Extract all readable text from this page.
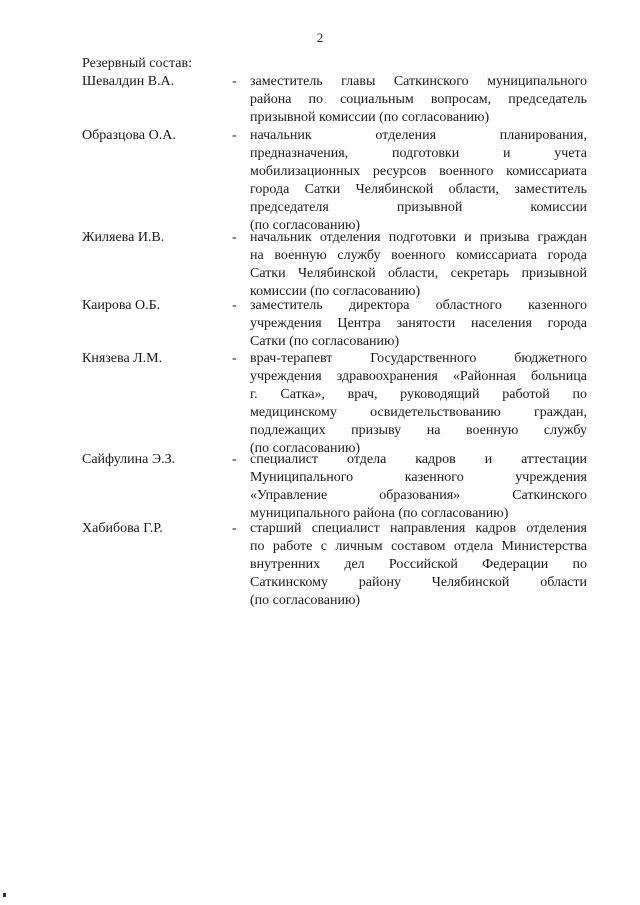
2
Резервный состав:
Шевалдин В.А.	- заместитель главы Саткинского муниципального
района по социальным вопросам, председатель
призывной комиссии (по согласованию)
Образцова О.А.	- начальник отделения планирования,
предназначения, подготовки и учета
мобилизационных ресурсов военного комиссариата
города Сатки Челябинской области, заместитель
председателя призывной комиссии
(по согласованию)
Жиляева И.В.	- начальник отделения подготовки и призыва граждан
на военную службу военного комиссариата города
Сатки Челябинской области, секретарь призывной
комиссии (по согласованию)
Каирова О.Б.	- заместитель директора областного казенного
учреждения Центра занятости населения города
Сатки (по согласованию)
Князева Л.М.	- врач-терапевт Государственного бюджетного
учреждения здравоохранения «Районная больница
г. Сатка», врач, руководящий работой по
медицинскому освидетельствованию граждан,
подлежащих призыву на военную службу
(по согласованию)
Сайфулина Э.З.	- специалист отдела кадров и аттестации
Муниципального казенного учреждения
«Управление образования» Саткинского
муниципального района (по согласованию)
Хабибова Г.Р.	- старший специалист направления кадров отделения
по работе с личным составом отдела Министерства
внутренних дел Российской Федерации по
Саткинскому району Челябинской области
(по согласованию)
